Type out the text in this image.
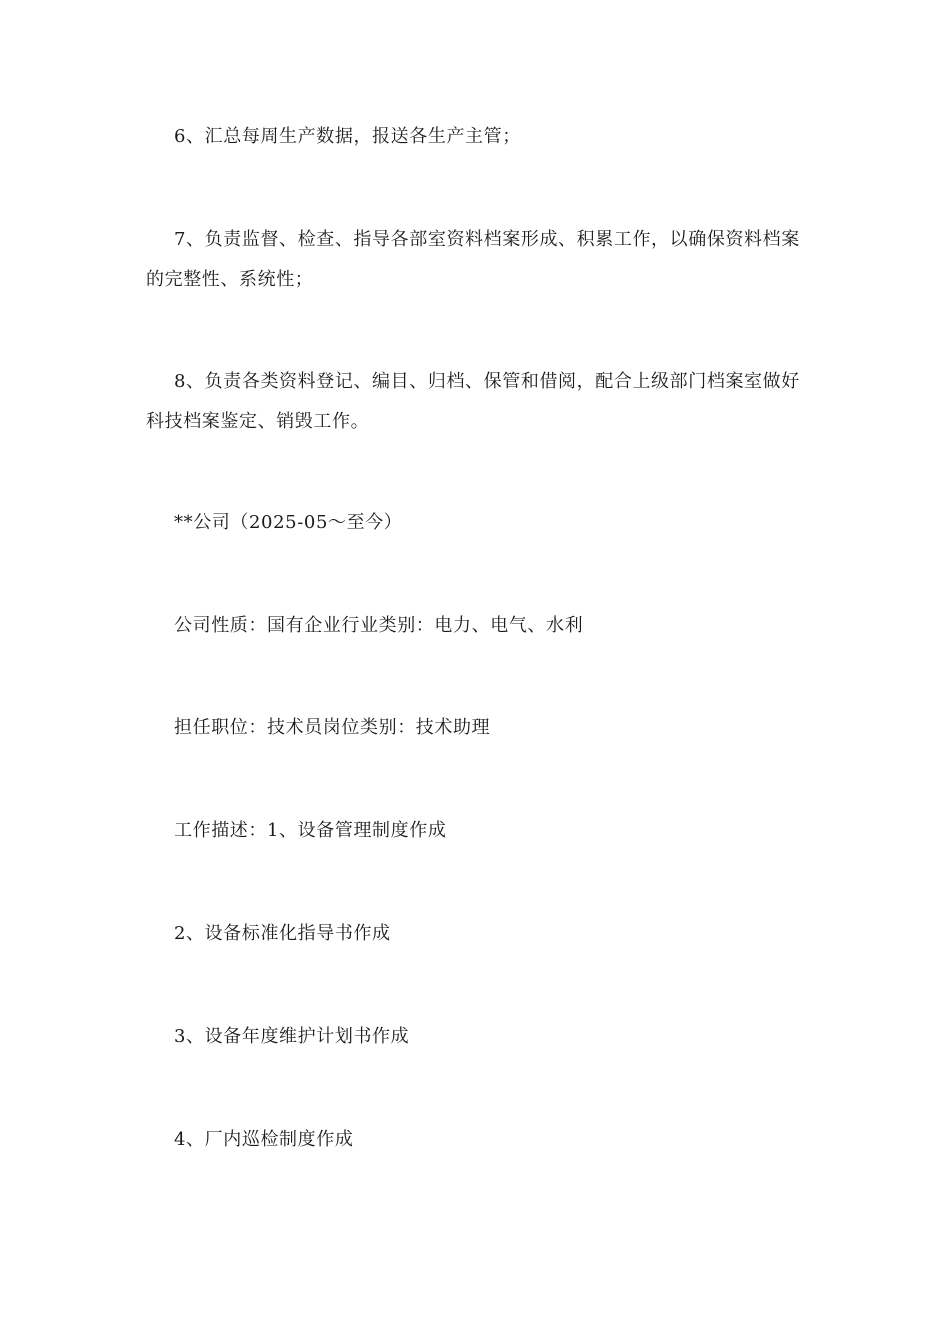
6、汇总每周生产数据，报送各生产主管；

7、负责监督、检查、指导各部室资料档案形成、积累工作，以确保资料档案的完整性、系统性；

8、负责各类资料登记、编目、归档、保管和借阅，配合上级部门档案室做好科技档案鉴定、销毁工作。

**公司（2025-05～至今）

公司性质：国有企业行业类别：电力、电气、水利

担任职位：技术员岗位类别：技术助理

工作描述：1、设备管理制度作成

2、设备标准化指导书作成

3、设备年度维护计划书作成

4、厂内巡检制度作成
